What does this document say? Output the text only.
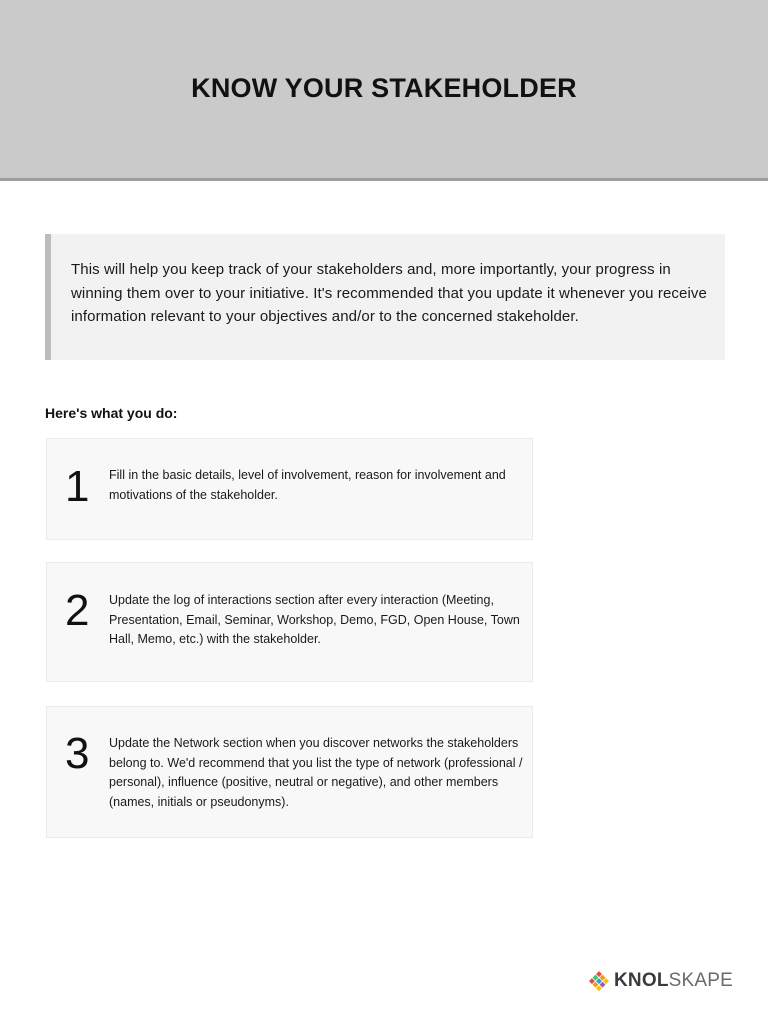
KNOW YOUR STAKEHOLDER

This will help you keep track of your stakeholders and, more importantly, your progress in winning them over to your initiative. It's recommended that you update it whenever you receive information relevant to your objectives and/or to the concerned stakeholder.

Here's what you do:
1 Fill in the basic details, level of involvement, reason for involvement and motivations of the stakeholder.

2 Update the log of interactions section after every interaction (Meeting, Presentation, Email, Seminar, Workshop, Demo, FGD, Open House, Town Hall, Memo, etc.) with the stakeholder.

3 Update the Network section when you discover networks the stakeholders belong to. We'd recommend that you list the type of network (professional / personal), influence (positive, neutral or negative), and other members (names, initials or pseudonyms).

KNOLSKAPE
